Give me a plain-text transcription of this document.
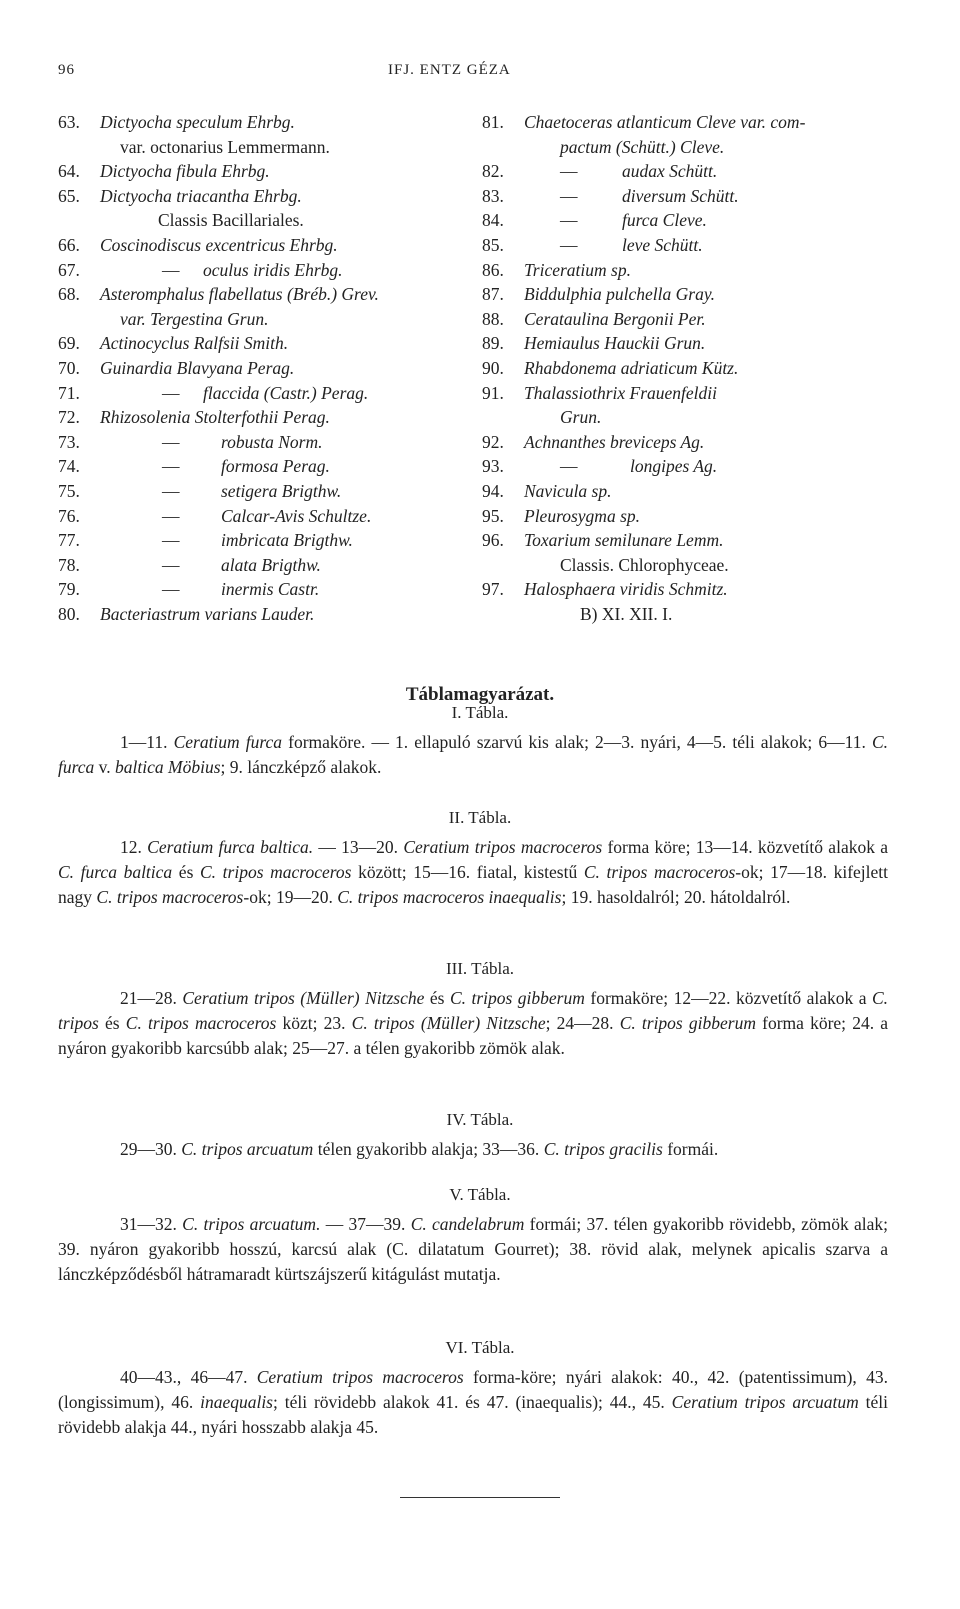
96	IFJ. ENTZ GÉZA
63. Dictyocha speculum Ehrbg.
var. octonarius Lemmermann.
64. Dictyocha fibula Ehrbg.
65. Dictyocha triacantha Ehrbg.
Classis Bacillariales.
66. Coscinodiscus excentricus Ehrbg.
67.	— oculus iridis Ehrbg.
68. Asteromphalus flabellatus (Bréb.) Grev.
var. Tergestina Grun.
69. Actinocyclus Ralfsii Smith.
70. Guinardia Blavyana Perag.
71.	— flaccida (Castr.) Perag.
72. Rhizosolenia Stolterfothii Perag.
73.	— robusta Norm.
74.	— formosa Perag.
75.	— setigera Brigthw.
76.	— Calcar-Avis Schultze.
77.	— imbricata Brigthw.
78.	— alata Brigthw.
79.	— inermis Castr.
80. Bacteriastrum varians Lauder.
81. Chaetoceras atlanticum Cleve var. com-
pactum (Schütt.) Cleve.
82.	—	audax Schütt.
83.	—	diversum Schütt.
84.	—	furca Cleve.
85.	—	leve Schütt.
86. Triceratium sp.
87. Biddulphia pulchella Gray.
88. Cerataulina Bergonii Per.
89. Hemiaulus Hauckii Grun.
90. Rhabdonema adriaticum Kütz.
91. Thalassiothrix Frauenfeldii
Grun.
92. Achnanthes breviceps Ag.
93.	—	longipes Ag.
94. Navicula sp.
95. Pleurosygma sp.
96. Toxarium semilunare Lemm.
Classis. Chlorophyceae.
97. Halosphaera viridis Schmitz.
B) XI. XII. I.
Táblamagyarázat.
I. Tábla.

1—11. Ceratium furca formaköre. — 1. ellapuló szarvú kis alak; 2—3. nyári, 4—5. téli alakok; 6—11. C. furca v. baltica Möbius; 9. lánczképző alakok.

II. Tábla.

12. Ceratium furca baltica. — 13—20. Ceratium tripos macroceros forma köre; 13—14. közvetítő alakok a C. furca baltica és C. tripos macroceros között; 15—16. fiatal, kistestű C. tripos macroceros-ok; 17—18. kifejlett nagy C. tripos macroceros-ok; 19—20. C. tripos macroceros inaequalis; 19. hasoldalról; 20. hátoldalról.

III. Tábla.

21—28. Ceratium tripos (Müller) Nitzsche és C. tripos gibberum formaköre; 12—22. közvetítő alakok a C. tripos és C. tripos macroceros közt; 23. C. tripos (Müller) Nitzsche; 24—28. C. tripos gibberum forma köre; 24. a nyáron gyakoribb karcsúbb alak; 25—27. a télen gyakoribb zömök alak.

IV. Tábla.

29—30. C. tripos arcuatum télen gyakoribb alakja; 33—36. C. tripos gracilis formái.

V. Tábla.

31—32. C. tripos arcuatum. — 37—39. C. candelabrum formái; 37. télen gyakoribb rövidebb, zömök alak; 39. nyáron gyakoribb hosszú, karcsú alak (C. dilatatum Gourret); 38. rövid alak, melynek apicalis szarva a lánczképződésből hátramaradt kürtszájszerű kitágulást mutatja.

VI. Tábla.

40—43., 46—47. Ceratium tripos macroceros forma-köre; nyári alakok: 40., 42. (patentissimum), 43. (longissimum), 46. inaequalis; téli rövidebb alakok 41. és 47. (inaequalis); 44., 45. Ceratium tripos arcuatum téli rövidebb alakja 44., nyári hosszabb alakja 45.
